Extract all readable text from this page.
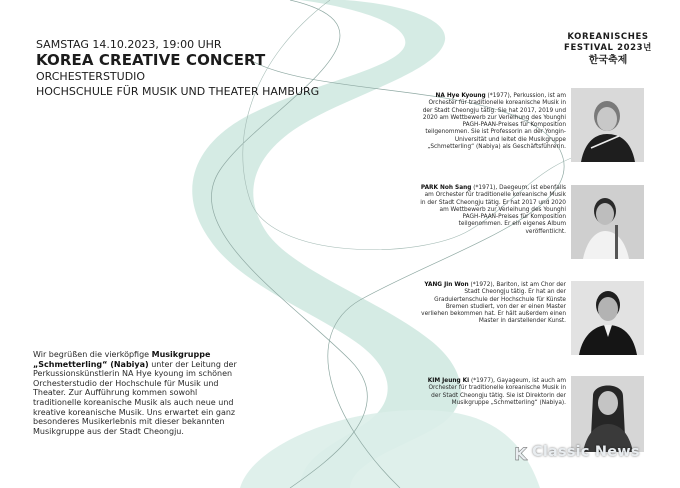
SAMSTAG 14.10.2023, 19:00 UHR
KOREA CREATIVE CONCERT
ORCHESTERSTUDIO
HOCHSCHULE FÜR MUSIK UND THEATER HAMBURG
KOREANISCHES
FESTIVAL 2023년
한국축제
NA Hye Kyoung (*1977), Perkussion, ist am Orchester für traditionelle koreanische Musik in der Stadt Cheongju tätig. Sie hat 2017, 2019 und 2020 am Wettbewerb zur Verleihung des Younghi PAGH-PAAN-Preises für Komposition teilgenommen. Sie ist Professorin an der Yongin-Universität und leitet die Musikgruppe „Schmetterling“ (Nabiya) als Geschäftsführerin.
PARK Noh Sang (*1971), Daegeum, ist ebenfalls am Orchester für traditionelle koreanische Musik in der Stadt Cheongju tätig. Er hat 2017 und 2020 am Wettbewerb zur Verleihung des Younghi PAGH-PAAN-Preises für Komposition teilgenommen. Er ein eigenes Album veröffentlicht.
YANG Jin Won (*1972), Bariton, ist am Chor der Stadt Cheongju tätig. Er hat an der Graduiertenschule der Hochschule für Künste Bremen studiert, von der er einen Master verliehen bekommen hat. Er hält außerdem einen Master in darstellender Kunst.
KIM Jeung Ki (*1977), Gayageum, ist auch am Orchester für traditionelle koreanische Musik in der Stadt Cheongju tätig. Sie ist Direktorin der Musikgruppe „Schmetterling“ (Nabiya).
Wir begrüßen die vierköpfige Musikgruppe „Schmetterling“ (Nabiya) unter der Leitung der Perkussionskünstlerin NA Hye kyoung im schönen Orchesterstudio der Hochschule für Musik und Theater. Zur Aufführung kommen sowohl traditionelle koreanische Musik als auch neue und kreative koreanische Musik. Uns erwartet ein ganz besonderes Musikerlebnis mit dieser bekannten Musikgruppe aus der Stadt Cheongju.
K Classic News
